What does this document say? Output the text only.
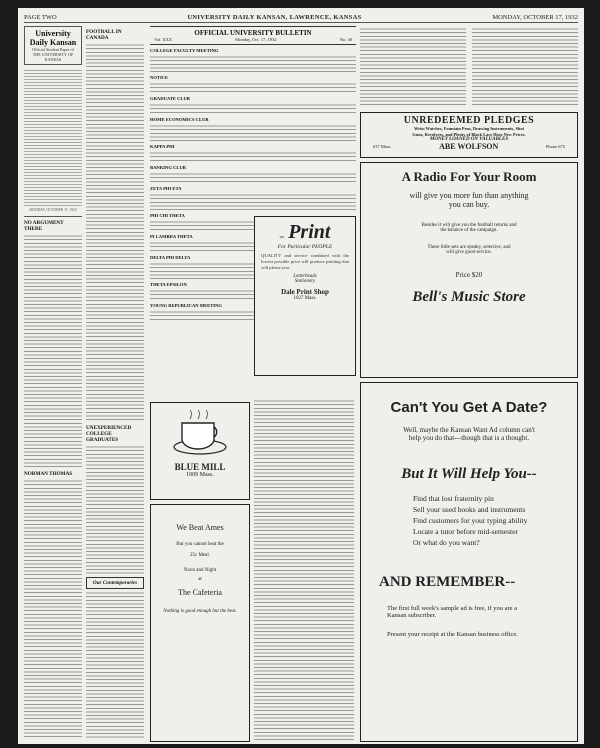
PAGE TWO	UNIVERSITY DAILY KANSAN, LAWRENCE, KANSAS	MONDAY, OCTOBER 17, 1932
University Daily Kansan
Official Student Paper of
THE UNIVERSITY OF KANSAS
MONDAY, OCTOBER 17, 1932
NO ARGUMENT THERE
NORMAN THOMAS
FOOTBALL IN CANADA
UNEXPERIENCED COLLEGE GRADUATES
Our Contemporaries
OFFICIAL UNIVERSITY BULLETIN
Vol. XXX	Monday, Oct. 17, 1932	No. 30
COLLEGE FACULTY MEETING
NOTICE
GRADUATE CLUB
HOME ECONOMICS CLUB
KAPPA PHI
BANKING CLUB
ZETA PHI ETA
PHI CHI THETA
PI LAMBDA THETA
DELTA PHI DELTA
THETA EPSILON
YOUNG REPUBLICAN MEETING
UNREDEEMED PLEDGES
Wrist Watches, Fountain Pens, Drawing Instruments, Shot
Guns, Revolvers, and Plenty of Black Lace Hose New Prices.
MONEY LOANED ON VALUABLES
637 Mass.	ABE WOLFSON	Phone 675
we Print
For Particular PEOPLE
QUALITY and service combined with the lowest possible price will produce printing that will please you.
Letterheads
Stationery
Dale Print Shop
1027 Mass.
A Radio For Your Room
will give you more fun than anything
you can buy.
Besides it will give you the football returns and
the balance of the campaign.
These little sets are speaky, selective, and
will give good service.
Price $20
Bell's Music Store
BLUE MILL
1009 Mass.
We Beat Ames
But you cannot beat the
25c Meal.
Noon and Night
at
The Cafeteria
Nothing is good enough but the best.
Can't You Get A Date?
Well, maybe the Kansan Want Ad column can't
help you do that---though that is a thought.
But It Will Help You--
Find that lost fraternity pin
Sell your used books and instruments
Find customers for your typing ability
Locate a tutor before mid-semester
Or what do you want?
AND REMEMBER--
The first full week's sample ad is free, if you are a
Kansan subscriber.
Present your receipt at the Kansan business office.
